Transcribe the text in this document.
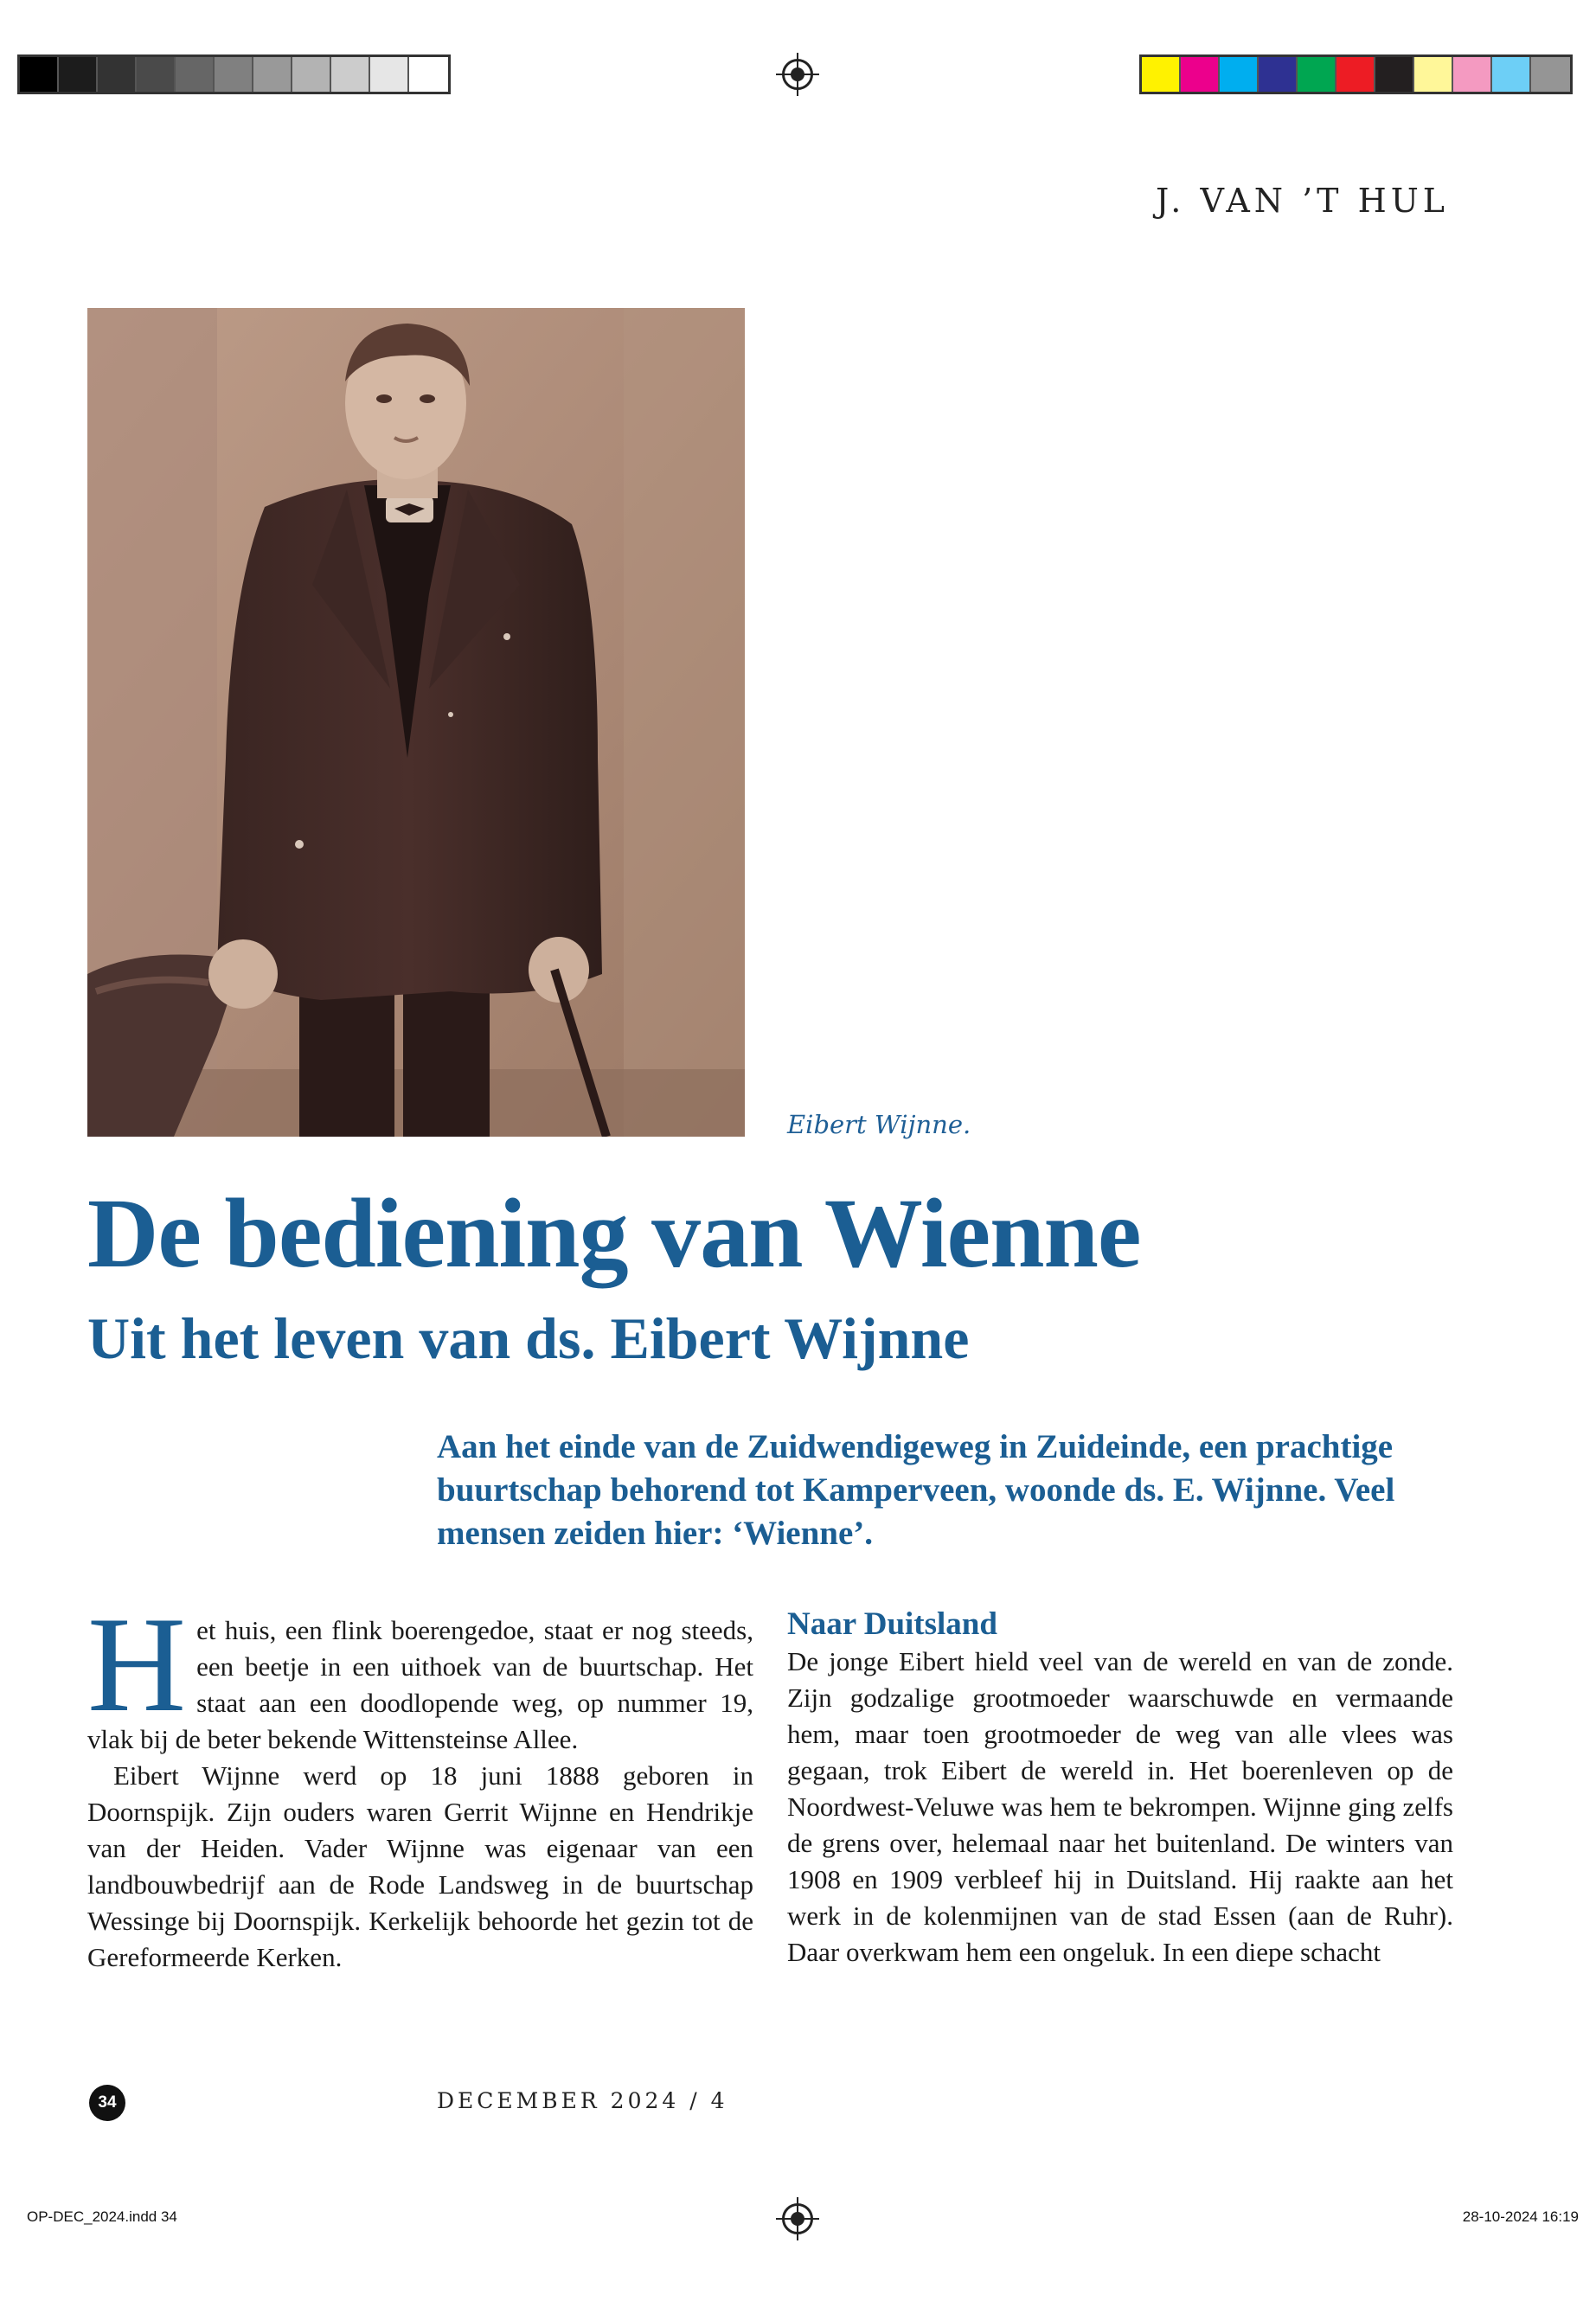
J. VAN ’T HUL
Eibert Wijnne.
De bediening van Wienne
Uit het leven van ds. Eibert Wijnne

Aan het einde van de Zuidwendigeweg in Zuideinde, een prachtige buurtschap behorend tot Kamperveen, woonde ds. E. Wijnne. Veel mensen zeiden hier: ‘Wienne’.

Het huis, een flink boerengedoe, staat er nog steeds, een beetje in een uithoek van de buurtschap. Het staat aan een doodlopende weg, op nummer 19, vlak bij de beter bekende Wittensteinse Allee.

Eibert Wijnne werd op 18 juni 1888 geboren in Doornspijk. Zijn ouders waren Gerrit Wijnne en Hendrikje van der Heiden. Vader Wijnne was eigenaar van een landbouwbedrijf aan de Rode Landsweg in de buurtschap Wessinge bij Doornspijk. Kerkelijk behoorde het gezin tot de Gereformeerde Kerken.

Naar Duitsland

De jonge Eibert hield veel van de wereld en van de zonde. Zijn godzalige grootmoeder waarschuwde en vermaande hem, maar toen grootmoeder de weg van alle vlees was gegaan, trok Eibert de wereld in. Het boerenleven op de Noordwest-Veluwe was hem te bekrompen. Wijnne ging zelfs de grens over, helemaal naar het buitenland. De winters van 1908 en 1909 verbleef hij in Duitsland. Hij raakte aan het werk in de kolenmijnen van de stad Essen (aan de Ruhr). Daar overkwam hem een ongeluk. In een diepe schacht

34	DECEMBER 2024 / 4
OP-DEC_2024.indd 34	28-10-2024 16:19
